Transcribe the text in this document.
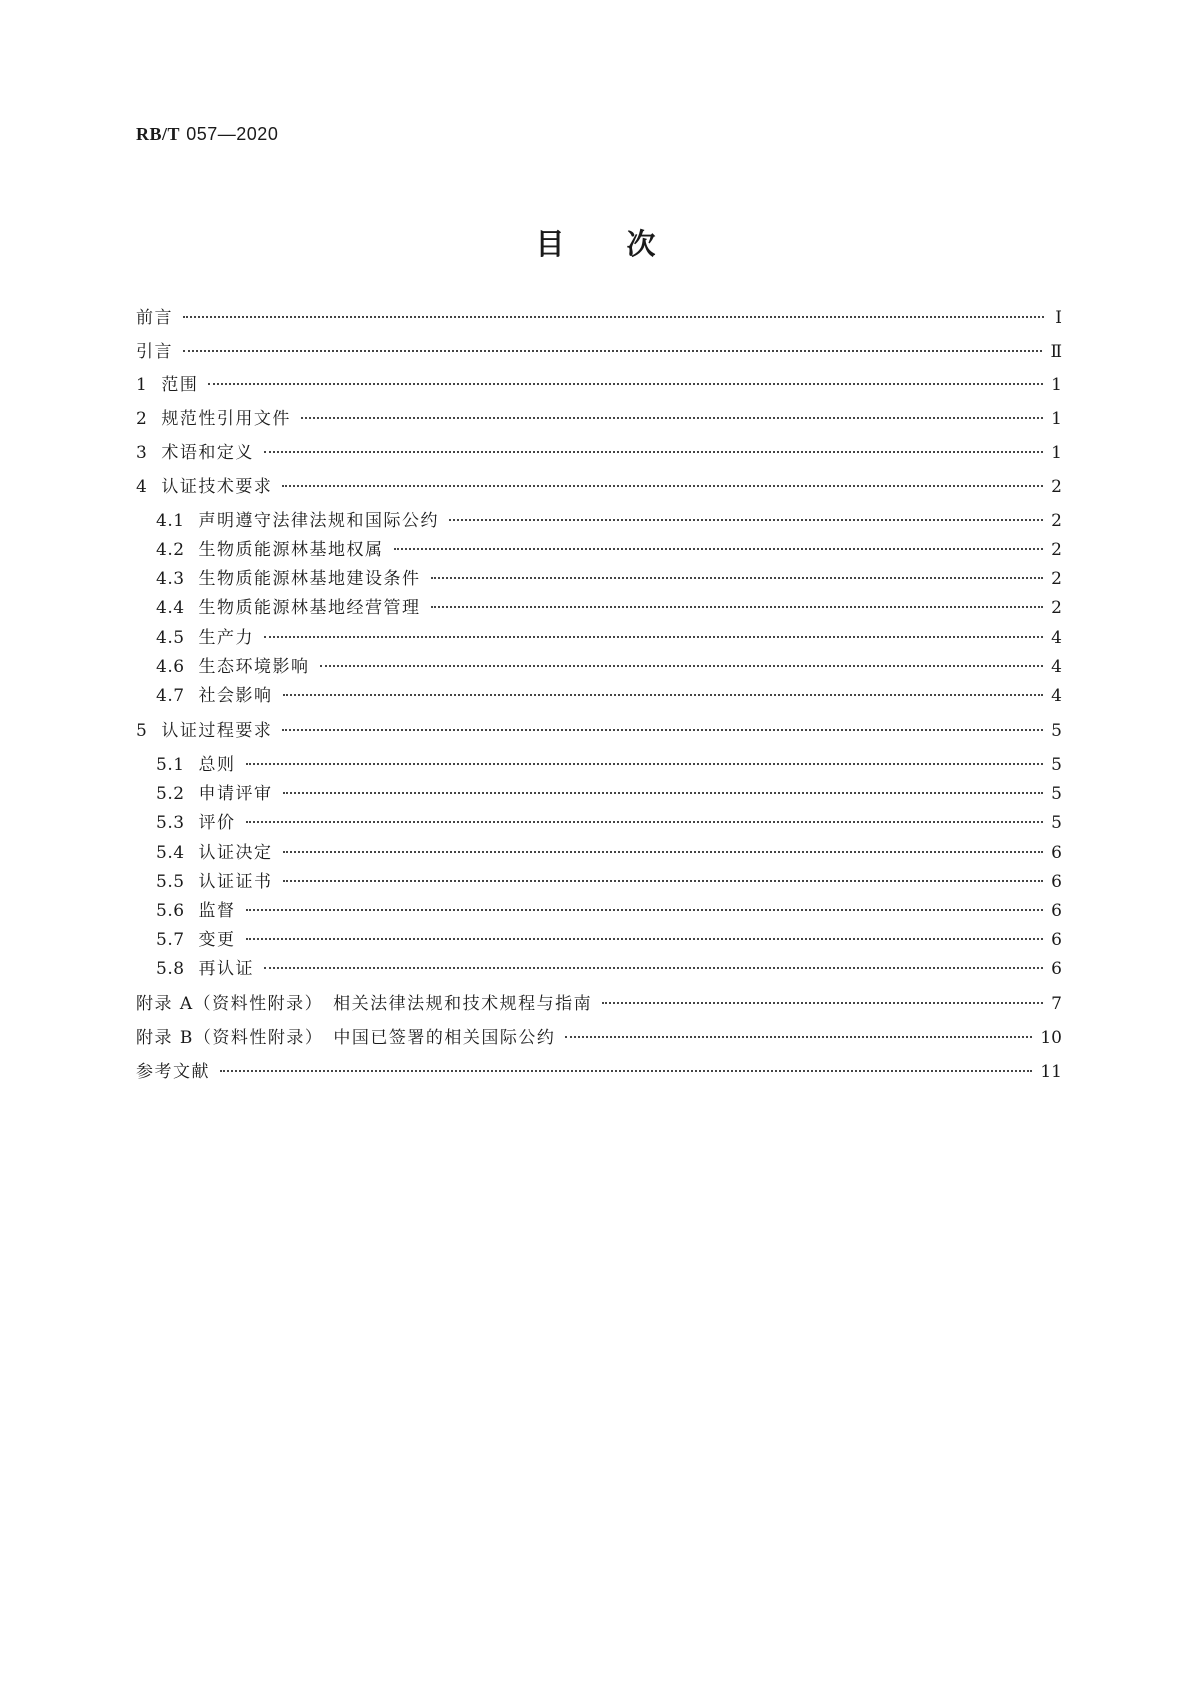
RB/T 057—2020
目 次
前言	Ⅰ
引言	Ⅱ
1 范围	1
2 规范性引用文件	1
3 术语和定义	1
4 认证技术要求	2
4.1 声明遵守法律法规和国际公约	2
4.2 生物质能源林基地权属	2
4.3 生物质能源林基地建设条件	2
4.4 生物质能源林基地经营管理	2
4.5 生产力	4
4.6 生态环境影响	4
4.7 社会影响	4
5 认证过程要求	5
5.1 总则	5
5.2 申请评审	5
5.3 评价	5
5.4 认证决定	6
5.5 认证证书	6
5.6 监督	6
5.7 变更	6
5.8 再认证	6
附录 A（资料性附录）　相关法律法规和技术规程与指南	7
附录 B（资料性附录）　中国已签署的相关国际公约	10
参考文献	11
